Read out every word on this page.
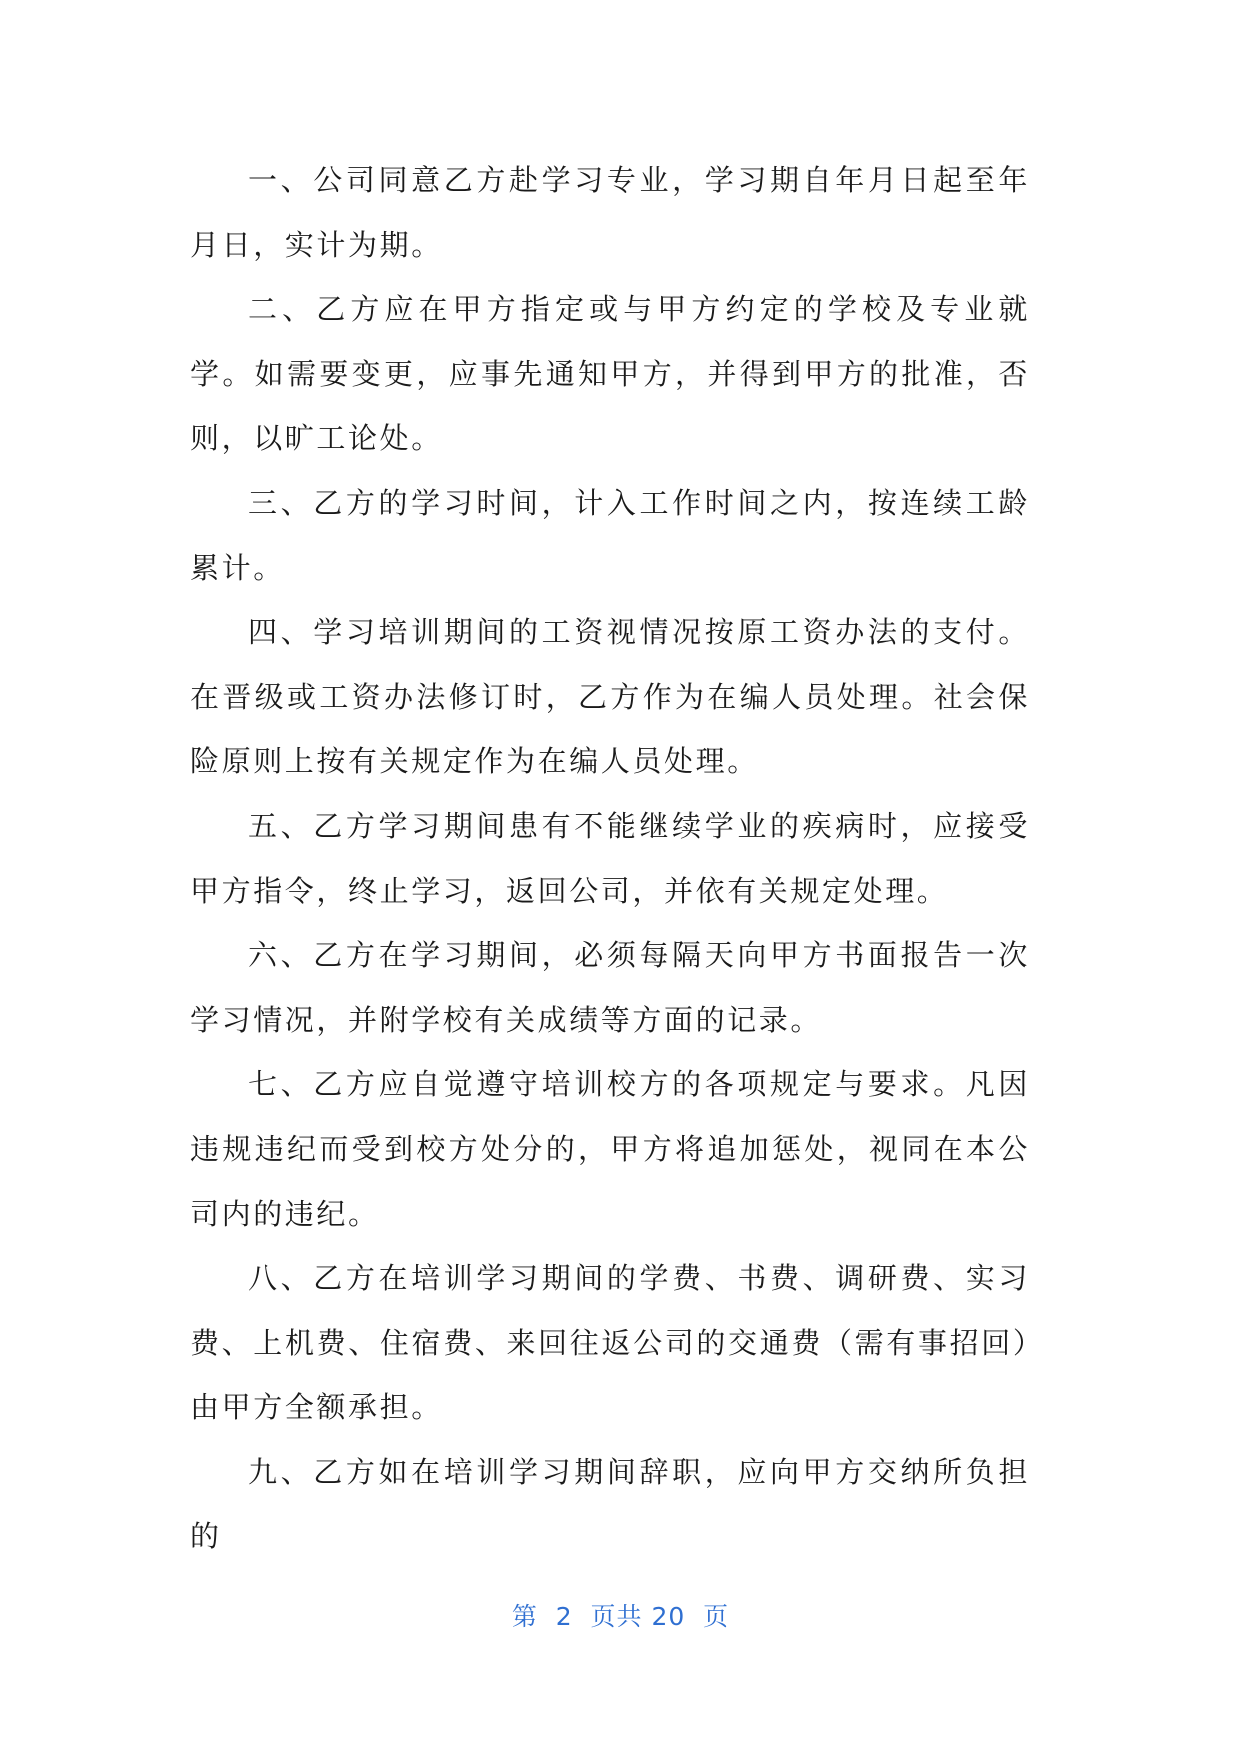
一、公司同意乙方赴学习专业，学习期自年月日起至年月日，实计为期。

二、乙方应在甲方指定或与甲方约定的学校及专业就学。如需要变更，应事先通知甲方，并得到甲方的批准，否则，以旷工论处。

三、乙方的学习时间，计入工作时间之内，按连续工龄累计。

四、学习培训期间的工资视情况按原工资办法的支付。在晋级或工资办法修订时，乙方作为在编人员处理。社会保险原则上按有关规定作为在编人员处理。

五、乙方学习期间患有不能继续学业的疾病时，应接受甲方指令，终止学习，返回公司，并依有关规定处理。

六、乙方在学习期间，必须每隔天向甲方书面报告一次学习情况，并附学校有关成绩等方面的记录。

七、乙方应自觉遵守培训校方的各项规定与要求。凡因违规违纪而受到校方处分的，甲方将追加惩处，视同在本公司内的违纪。

八、乙方在培训学习期间的学费、书费、调研费、实习费、上机费、住宿费、来回往返公司的交通费（需有事招回）由甲方全额承担。

九、乙方如在培训学习期间辞职，应向甲方交纳所负担的

第  2  页共 20  页
